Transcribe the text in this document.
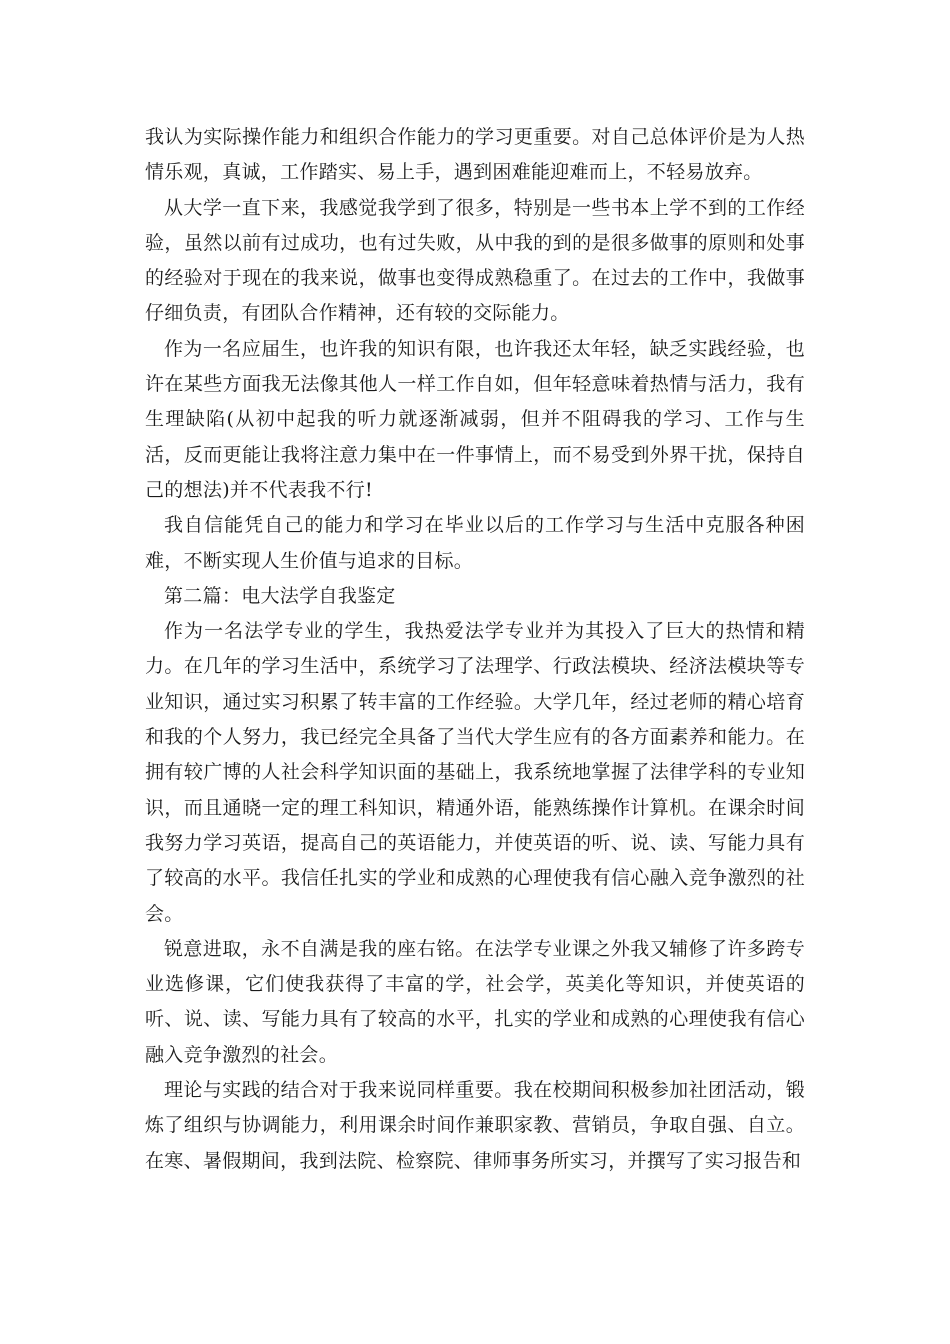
我认为实际操作能力和组织合作能力的学习更重要。对自己总体评价是为人热情乐观，真诚，工作踏实、易上手，遇到困难能迎难而上，不轻易放弃。

从大学一直下来，我感觉我学到了很多，特别是一些书本上学不到的工作经验，虽然以前有过成功，也有过失败，从中我的到的是很多做事的原则和处事的经验对于现在的我来说，做事也变得成熟稳重了。在过去的工作中，我做事仔细负责，有团队合作精神，还有较的交际能力。

作为一名应届生，也许我的知识有限，也许我还太年轻，缺乏实践经验，也许在某些方面我无法像其他人一样工作自如，但年轻意味着热情与活力，我有生理缺陷(从初中起我的听力就逐渐减弱，但并不阻碍我的学习、工作与生活，反而更能让我将注意力集中在一件事情上，而不易受到外界干扰，保持自己的想法)并不代表我不行!

我自信能凭自己的能力和学习在毕业以后的工作学习与生活中克服各种困难，不断实现人生价值与追求的目标。

第二篇：电大法学自我鉴定

作为一名法学专业的学生，我热爱法学专业并为其投入了巨大的热情和精力。在几年的学习生活中，系统学习了法理学、行政法模块、经济法模块等专业知识，通过实习积累了转丰富的工作经验。大学几年，经过老师的精心培育和我的个人努力，我已经完全具备了当代大学生应有的各方面素养和能力。在拥有较广博的人社会科学知识面的基础上，我系统地掌握了法律学科的专业知识，而且通晓一定的理工科知识，精通外语，能熟练操作计算机。在课余时间我努力学习英语，提高自己的英语能力，并使英语的听、说、读、写能力具有了较高的水平。我信任扎实的学业和成熟的心理使我有信心融入竞争激烈的社会。

锐意进取，永不自满是我的座右铭。在法学专业课之外我又辅修了许多跨专业选修课，它们使我获得了丰富的学，社会学，英美化等知识，并使英语的听、说、读、写能力具有了较高的水平，扎实的学业和成熟的心理使我有信心融入竞争激烈的社会。

理论与实践的结合对于我来说同样重要。我在校期间积极参加社团活动，锻炼了组织与协调能力，利用课余时间作兼职家教、营销员，争取自强、自立。在寒、暑假期间，我到法院、检察院、律师事务所实习，并撰写了实习报告和
